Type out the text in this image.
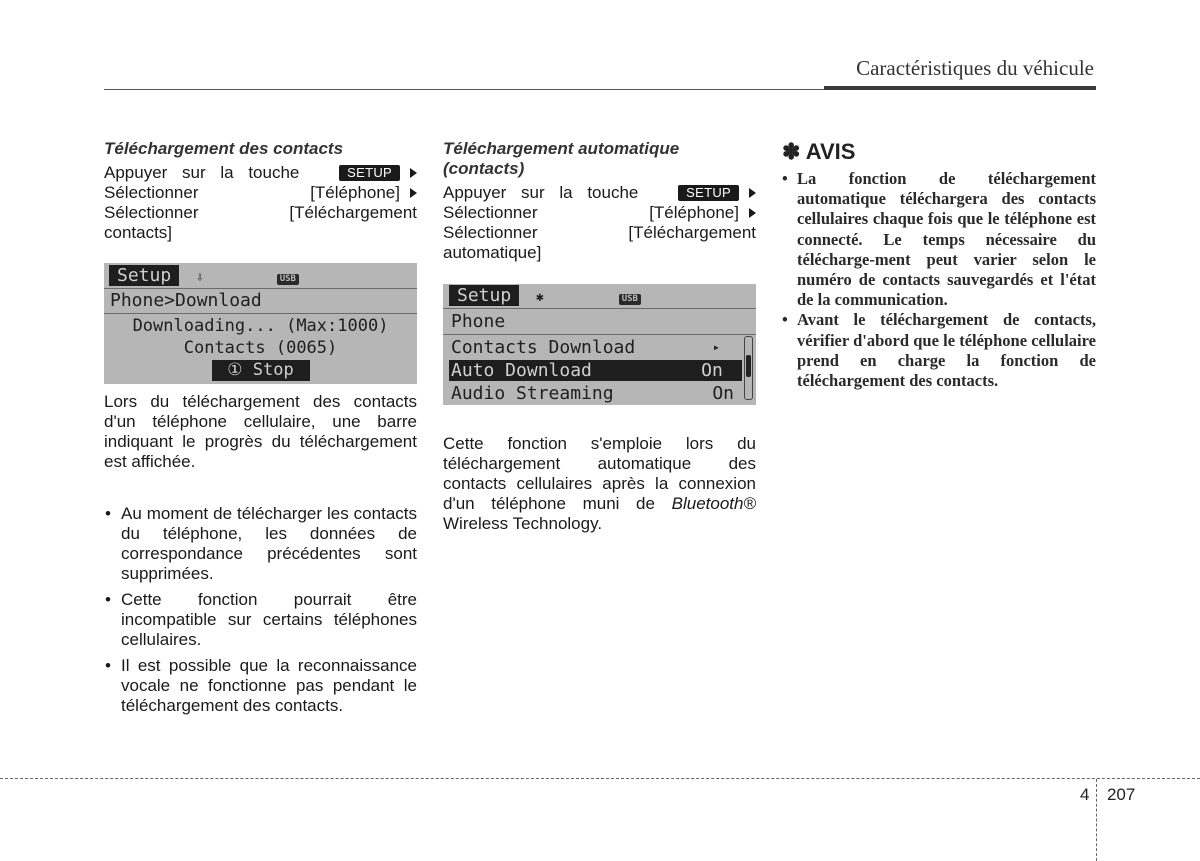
Caractéristiques du véhicule
Téléchargement des contacts
Appuyer sur la touche	SETUP
Sélectionner [Téléphone]
Sélectionner [Téléchargement
contacts]
Setup ⇩	USB
Phone>Download
Downloading... (Max:1000)
Contacts (0065)
① Stop
Lors du téléchargement des contacts d'un téléphone cellulaire, une barre indiquant le progrès du téléchargement est affichée.
• Au moment de télécharger les contacts du téléphone, les données de correspondance précédentes sont supprimées.
• Cette fonction pourrait être incompatible sur certains téléphones cellulaires.
• Il est possible que la reconnaissance vocale ne fonctionne pas pendant le téléchargement des contacts.
Téléchargement automatique
(contacts)
Appuyer sur la touche	SETUP
Sélectionner [Téléphone]
Sélectionner [Téléchargement
automatique]
Setup ✱	USB
Phone
Contacts Download	▸
Auto Download	On
Audio Streaming	On
Cette fonction s'emploie lors du téléchargement automatique des contacts cellulaires après la connexion d'un téléphone muni de Bluetooth® Wireless Technology.
✽ AVIS
• La fonction de téléchargement automatique téléchargera des contacts cellulaires chaque fois que le téléphone est connecté. Le temps nécessaire du télécharge-ment peut varier selon le numéro de contacts sauvegardés et l'état de la communication.
• Avant le téléchargement de contacts, vérifier d'abord que le téléphone cellulaire prend en charge la fonction de téléchargement des contacts.
4 207
